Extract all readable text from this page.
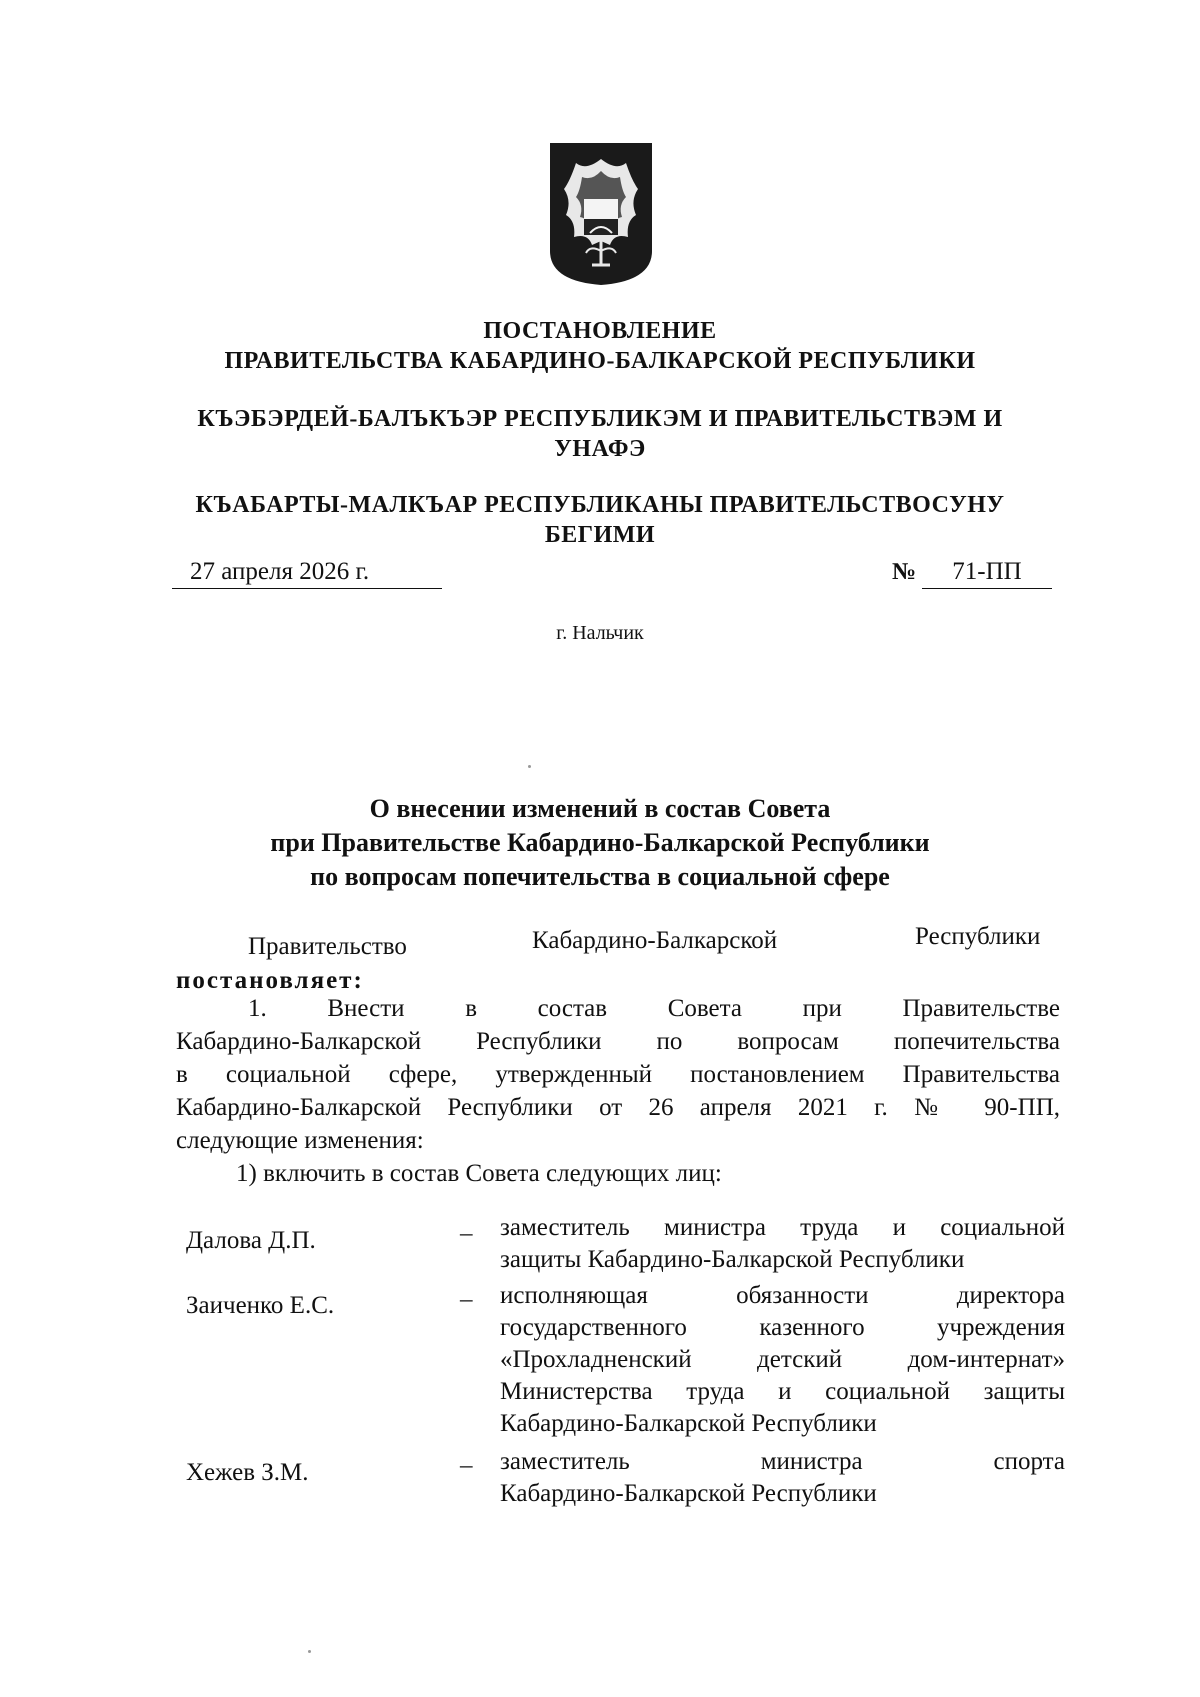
ПОСТАНОВЛЕНИЕ
ПРАВИТЕЛЬСТВА КАБАРДИНО-БАЛКАРСКОЙ РЕСПУБЛИКИ
КЪЭБЭРДЕЙ-БАЛЪКЪЭР РЕСПУБЛИКЭМ И ПРАВИТЕЛЬСТВЭМ И
УНАФЭ
КЪАБАРТЫ-МАЛКЪАР РЕСПУБЛИКАНЫ ПРАВИТЕЛЬСТВОСУНУ
БЕГИМИ
27 апреля 2026 г.	№	71-ПП
г. Нальчик
О внесении изменений в состав Совета
при Правительстве Кабардино-Балкарской Республики
по вопросам попечительства в социальной сфере
Правительство	Кабардино-Балкарской	Республики
постановляет:
1. Внести в состав Совета при Правительстве
Кабардино-Балкарской Республики по вопросам попечительства
в социальной сфере, утвержденный постановлением Правительства
Кабардино-Балкарской Республики от 26 апреля 2021 г. № 90-ПП,
следующие изменения:
1) включить в состав Совета следующих лиц:
Далова Д.П.	– заместитель министра труда и социальной
защиты Кабардино-Балкарской Республики
Заиченко Е.С.	– исполняющая обязанности директора
государственного казенного учреждения
«Прохладненский детский дом-интернат»
Министерства труда и социальной защиты
Кабардино-Балкарской Республики
Хежев З.М.	– заместитель министра спорта
Кабардино-Балкарской Республики
